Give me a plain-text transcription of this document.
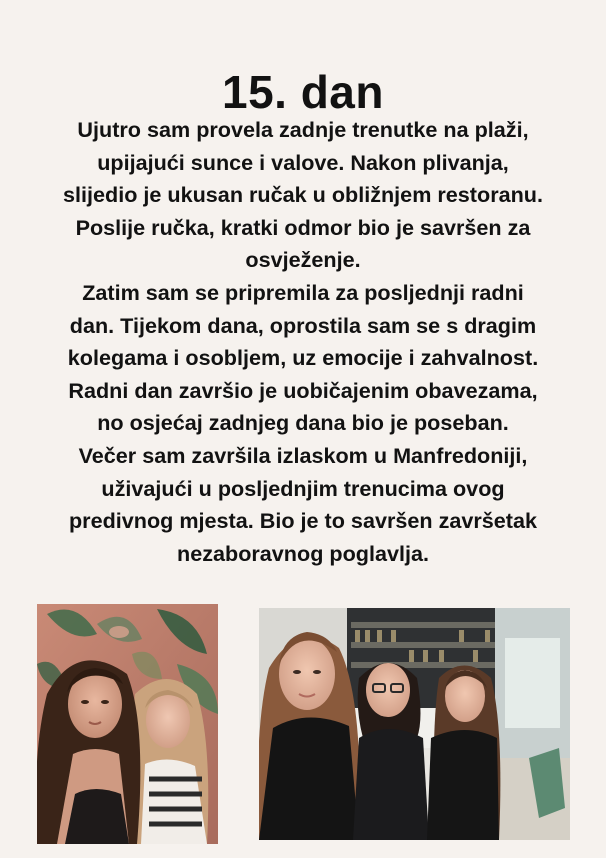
15. dan
Ujutro sam provela zadnje trenutke na plaži,
upijajući sunce i valove. Nakon plivanja,
slijedio je ukusan ručak u obližnjem restoranu.
Poslije ručka, kratki odmor bio je savršen za
osvježenje.
Zatim sam se pripremila za posljednji radni
dan. Tijekom dana, oprostila sam se s dragim
kolegama i osobljem, uz emocije i zahvalnost.
Radni dan završio je uobičajenim obavezama,
no osjećaj zadnjeg dana bio je poseban.
Večer sam završila izlaskom u Manfredoniji,
uživajući u posljednjim trenucima ovog
predivnog mjesta. Bio je to savršen završetak
nezaboravnog poglavlja.
